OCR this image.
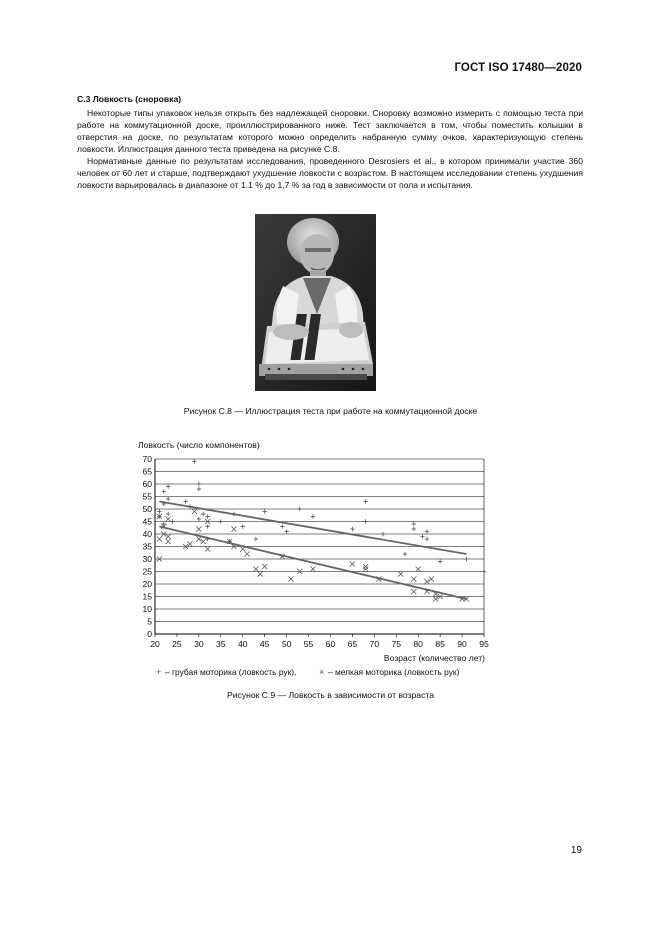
ГОСТ ISO 17480—2020
С.3 Ловкость (сноровка)

Некоторые типы упаковок нельзя открыть без надлежащей сноровки. Сноровку возможно измерить с помощью теста при работе на коммутационной доске, проиллюстрированного ниже. Тест заключается в том, чтобы поместить колышки в отверстия на доске, по результатам которого можно определить набранную сумму очков, характеризующую степень ловкости. Иллюстрация данного теста приведена на рисунке С.8.

Нормативные данные по результатам исследования, проведенного Desrosiers et al., в котором принимали участие 360 человек от 60 лет и старше, подтверждают ухудшение ловкости с возрастом. В настоящем исследовании степень ухудшения ловкости варьировалась в диапазоне от 1.1 % до 1,7 % за год в зависимости от пола и испытания.

Рисунок С.8 — Иллюстрация теста при работе на коммутационной доске
Ловкость (число компонентов)
0
5
10
15
20
25
30
35
40
45
50
55
60
65
70
20 25 30 35 40 45 50 55 60 65 70 75 80 85 90 95
Возраст (количество лет)
+ – грубая моторика (ловкость рук),	× – мелкая моторика (ловкость рук)
Рисунок С.9 — Ловкость в зависимости от возраста
19
